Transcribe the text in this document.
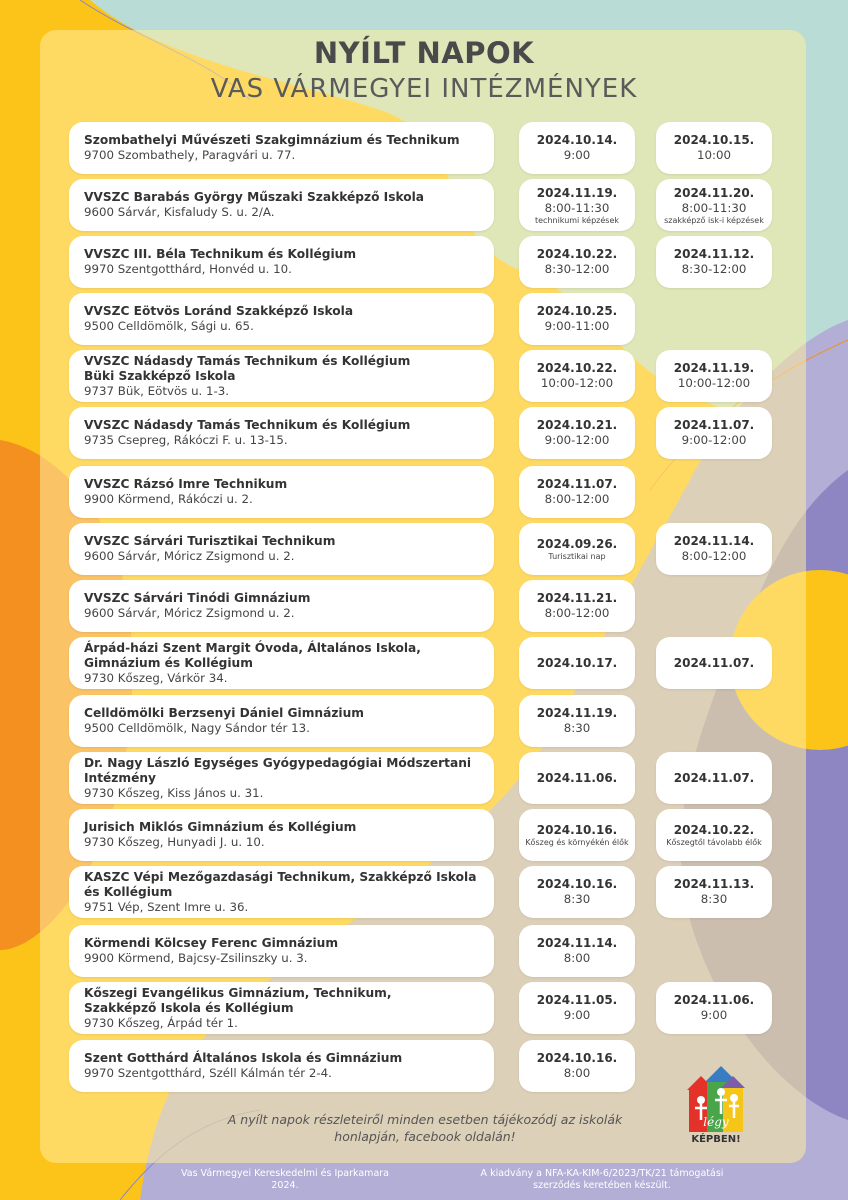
NYÍLT NAPOK
VAS VÁRMEGYEI INTÉZMÉNYEK
Szombathelyi Művészeti Szakgimnázium és Technikum
9700 Szombathely, Paragvári u. 77.
2024.10.14.
9:00
2024.10.15.
10:00
VVSZC Barabás György Műszaki Szakképző Iskola
9600 Sárvár, Kisfaludy S. u. 2/A.
2024.11.19.
8:00-11:30
technikumi képzések
2024.11.20.
8:00-11:30
szakképző isk-i képzések
VVSZC III. Béla Technikum és Kollégium
9970 Szentgotthárd, Honvéd u. 10.
2024.10.22.
8:30-12:00
2024.11.12.
8:30-12:00
VVSZC Eötvös Loránd Szakképző Iskola
9500 Celldömölk, Sági u. 65.
2024.10.25.
9:00-11:00
VVSZC Nádasdy Tamás Technikum és Kollégium
Büki Szakképző Iskola
9737 Bük, Eötvös u. 1-3.
2024.10.22.
10:00-12:00
2024.11.19.
10:00-12:00
VVSZC Nádasdy Tamás Technikum és Kollégium
9735 Csepreg, Rákóczi F. u. 13-15.
2024.10.21.
9:00-12:00
2024.11.07.
9:00-12:00
VVSZC Rázsó Imre Technikum
9900 Körmend, Rákóczi u. 2.
2024.11.07.
8:00-12:00
VVSZC Sárvári Turisztikai Technikum
9600 Sárvár, Móricz Zsigmond u. 2.
2024.09.26.
Turisztikai nap
2024.11.14.
8:00-12:00
VVSZC Sárvári Tinódi Gimnázium
9600 Sárvár, Móricz Zsigmond u. 2.
2024.11.21.
8:00-12:00
Árpád-házi Szent Margit Óvoda, Általános Iskola,
Gimnázium és Kollégium
9730 Kőszeg, Várkör 34.
2024.10.17.	2024.11.07.
Celldömölki Berzsenyi Dániel Gimnázium
9500 Celldömölk, Nagy Sándor tér 13.
2024.11.19.
8:30
Dr. Nagy László Egységes Gyógypedagógiai Módszertani
Intézmény
9730 Kőszeg, Kiss János u. 31.
2024.11.06.	2024.11.07.
Jurisich Miklós Gimnázium és Kollégium
9730 Kőszeg, Hunyadi J. u. 10.
2024.10.16.
Kőszeg és környékén élők
2024.10.22.
Kőszegtől távolabb élők
KASZC Vépi Mezőgazdasági Technikum, Szakképző Iskola
és Kollégium
9751 Vép, Szent Imre u. 36.
2024.10.16.
8:30
2024.11.13.
8:30
Körmendi Kölcsey Ferenc Gimnázium
9900 Körmend, Bajcsy-Zsilinszky u. 3.
2024.11.14.
8:00
Kőszegi Evangélikus Gimnázium, Technikum,
Szakképző Iskola és Kollégium
9730 Kőszeg, Árpád tér 1.
2024.11.05.
9:00
2024.11.06.
9:00
Szent Gotthárd Általános Iskola és Gimnázium
9970 Szentgotthárd, Széll Kálmán tér 2-4.
2024.10.16.
8:00
A nyílt napok részleteiről minden esetben tájékozódj az iskolák
honlapján, facebook oldalán!
légy
KÉPBEN!
Vas Vármegyei Kereskedelmi és Iparkamara
2024.
A kiadvány a NFA-KA-KIM-6/2023/TK/21 támogatási
szerződés keretében készült.
